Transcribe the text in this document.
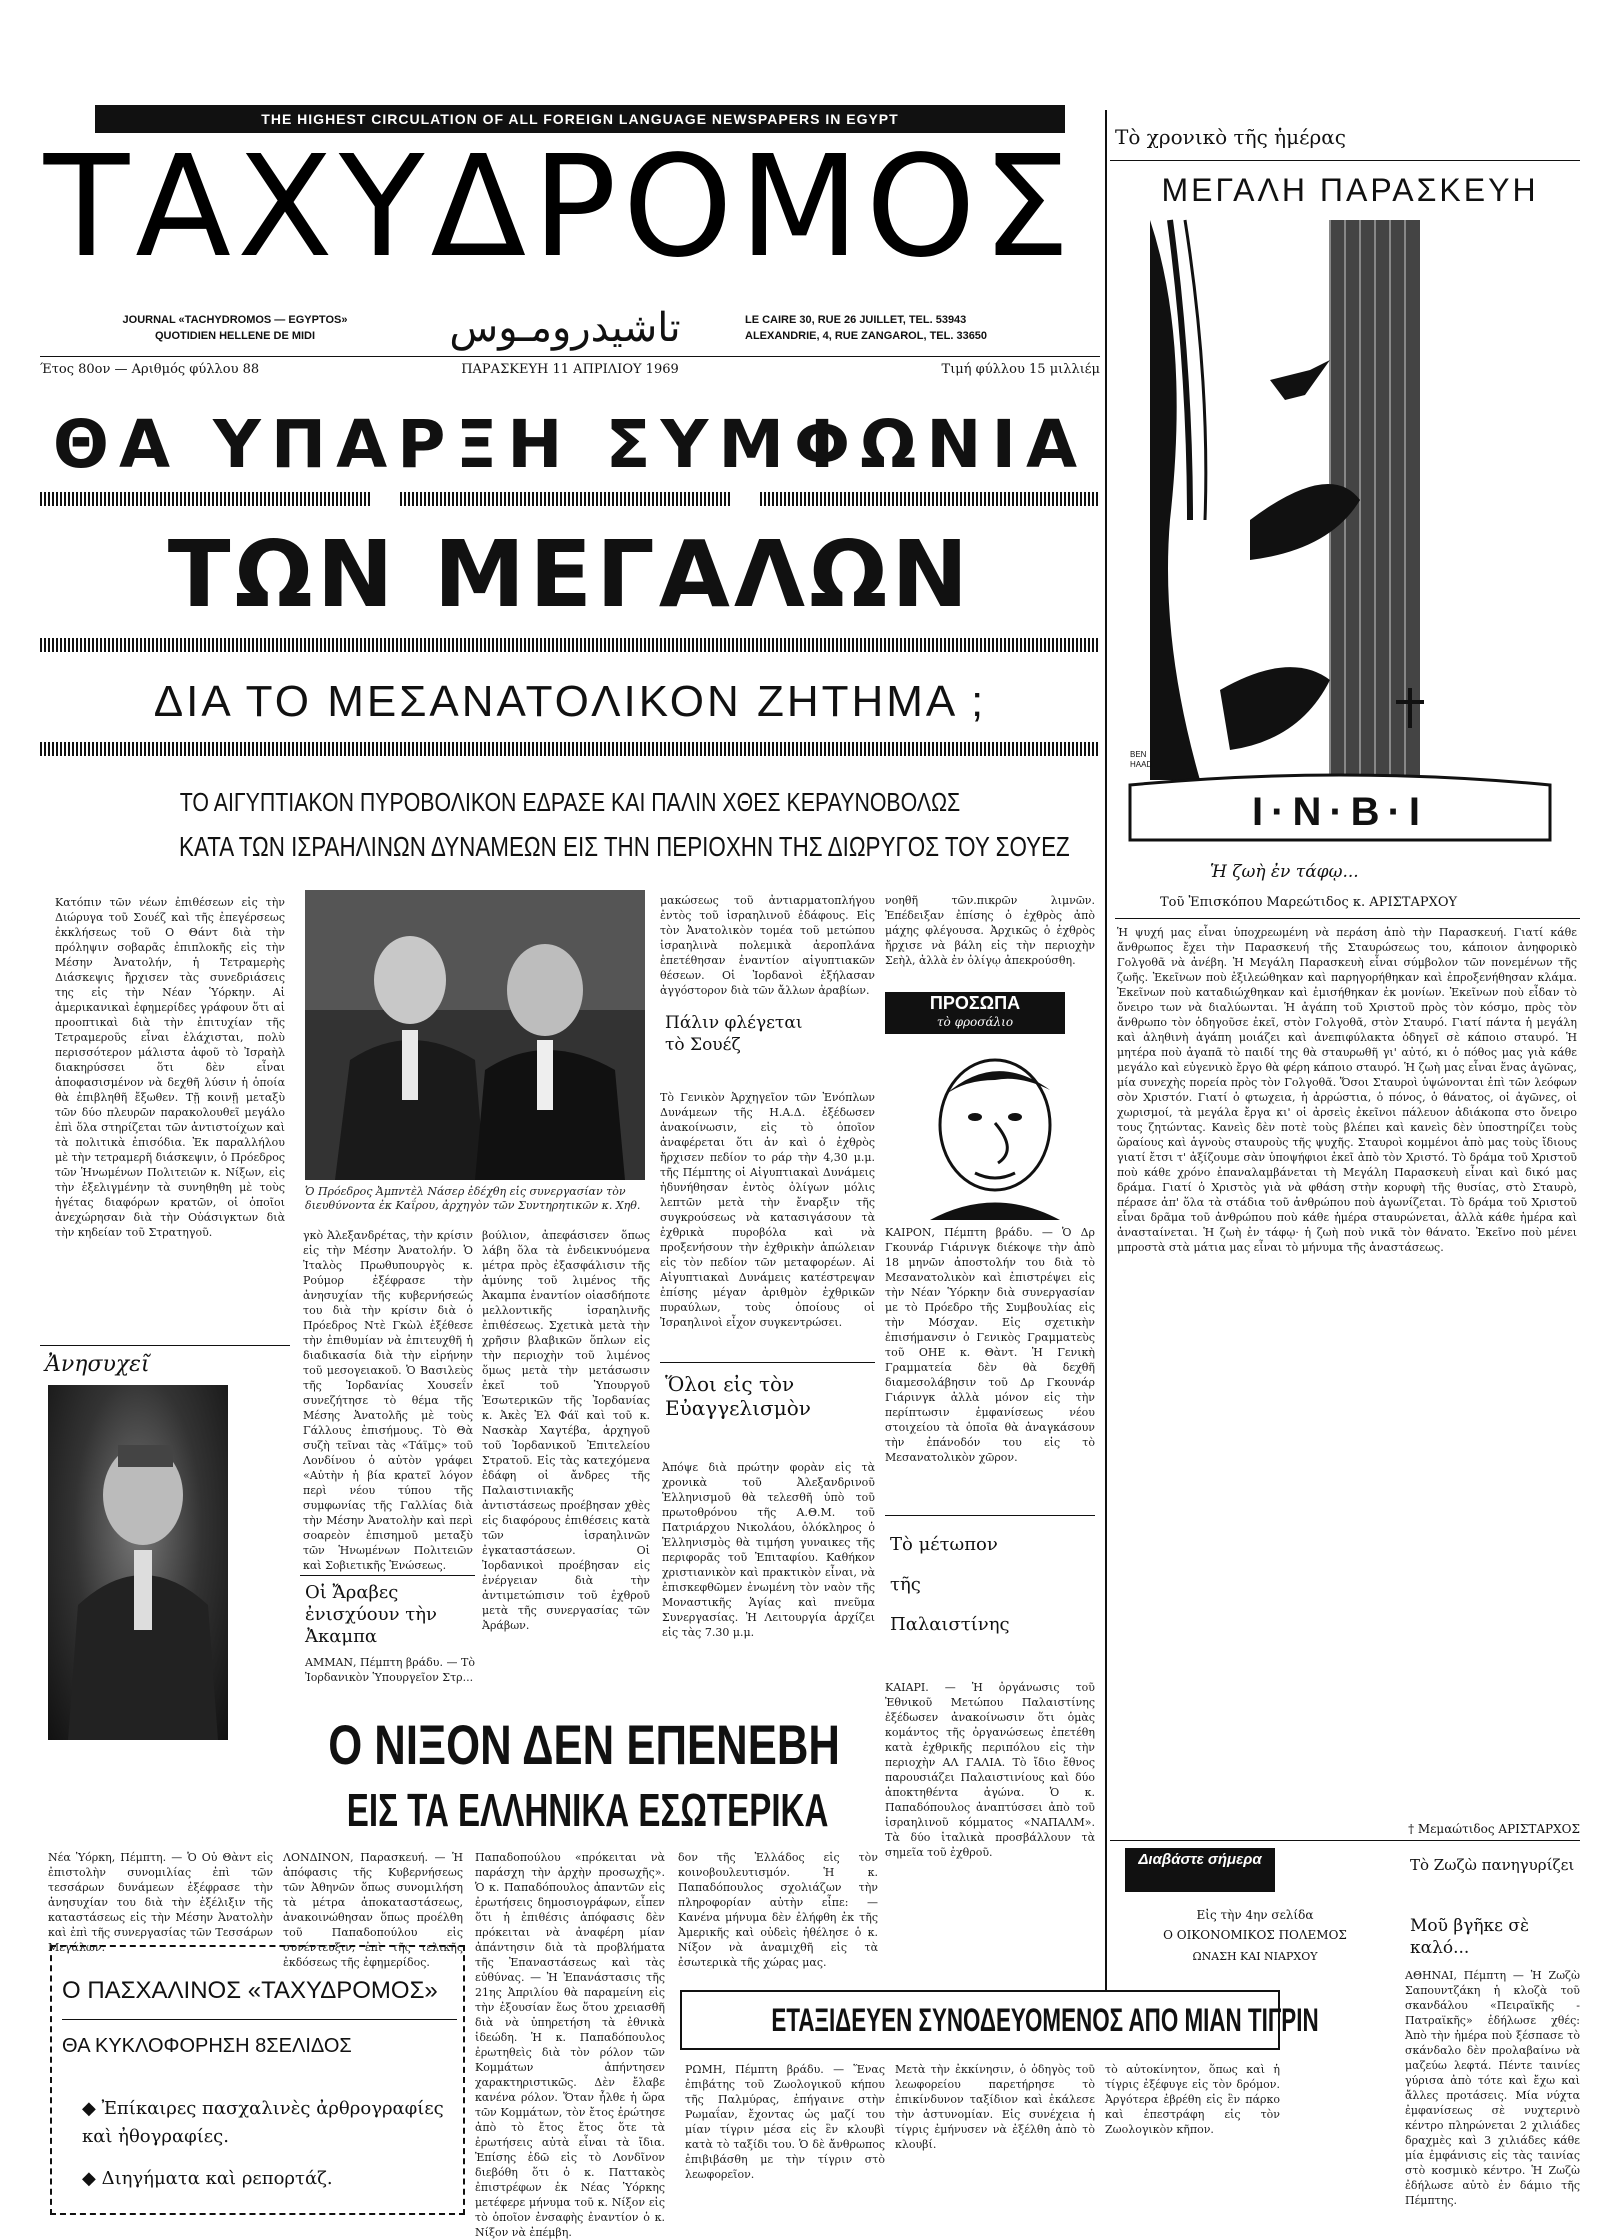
THE HIGHEST CIRCULATION OF ALL FOREIGN LANGUAGE NEWSPAPERS IN EGYPT
ΤΑΧΥΔΡΟΜΟΣ
JOURNAL «TACHYDROMOS — EGYPTOS»
QUOTIDIEN HELLENE DE MIDI	تاشيدرومـوس	LE CAIRE 30, RUE 26 JUILLET, TEL. 53943
ALEXANDRIE, 4, RUE ZANGAROL, TEL. 33650
Έτος 80ον — Αριθμός φύλλου 88	ΠΑΡΑΣΚΕΥΗ 11 ΑΠΡΙΛΙΟΥ 1969	Τιμή φύλλου 15 μιλλιέμ
ΘΑ ΥΠΑΡΞΗ ΣΥΜΦΩΝΙΑ
ΤΩΝ ΜΕΓΑΛΩΝ
ΔΙΑ ΤΟ ΜΕΣΑΝΑΤΟΛΙΚΟΝ ΖΗΤΗΜΑ ;
ΤΟ ΑΙΓΥΠΤΙΑΚΟΝ ΠΥΡΟΒΟΛΙΚΟΝ ΕΔΡΑΣΕ ΚΑΙ ΠΑΛΙΝ ΧΘΕΣ ΚΕΡΑΥΝΟΒΟΛΩΣ
ΚΑΤΑ ΤΩΝ ΙΣΡΑΗΛΙΝΩΝ ΔΥΝΑΜΕΩΝ ΕΙΣ ΤΗΝ ΠΕΡΙΟΧΗΝ ΤΗΣ ΔΙΩΡΥΓΟΣ ΤΟΥ ΣΟΥΕΖ
Κατόπιν τῶν νέων ἐπιθέσεων εἰς τὴν Διώρυγα τοῦ Σουέζ καὶ τῆς ἐπεγέρσεως ἐκκλήσεως τοῦ Ο Θάντ διὰ τὴν πρόληψιν σοβαρᾶς ἐπιπλοκῆς εἰς τὴν Μέσην Ἀνατολήν, ἡ Τετραμερὴς Διάσκεψις ἤρχισεν τὰς συνεδριάσεις της εἰς τὴν Νέαν Ὑόρκην. Αἱ ἀμερικανικαὶ ἐφημερίδες γράφουν ὅτι αἱ προοπτικαὶ διὰ τὴν ἐπιτυχίαν τῆς Τετραμεροῦς εἶναι ἐλάχισται, πολὺ περισσότερον μάλιστα ἀφοῦ τὸ Ἰσραὴλ διακηρύσσει ὅτι δὲν εἶναι ἀποφασισμένον νὰ δεχθῆ λύσιν ἡ ὁποία θὰ ἐπιβληθῆ ἔξωθεν. Τῇ κοινῇ μεταξὺ τῶν δύο πλευρῶν παρακολουθεῖ μεγάλο ἐπὶ ὅλα στηρίζεται τῶν ἀντιστοίχων καὶ τὰ πολιτικὰ ἐπισόδια. Ἐκ παραλλήλου μὲ τὴν τετραμερῆ διάσκεψιν, ὁ Πρόεδρος τῶν Ἡνωμένων Πολιτειῶν κ. Νίξων, εἰς τὴν ἐξελιγμένην τὰ συνηθηθη μὲ τοὺς ἡγέτας διαφόρων κρατῶν, οἱ ὁποῖοι ἀνεχώρησαν διὰ τὴν Οὐάσιγκτων διὰ τὴν κηδείαν τοῦ Στρατηγοῦ.
Ἀνησυχεῖ
Ὁ Πρόεδρος Ἀμπντὲλ Νάσερ ἐδέχθη εἰς συνεργασίαν τὸν διευθύνοντα ἐκ Καΐρου, ἀρχηγὸν τῶν Συντηρητικῶν κ. Χηθ.
γκὸ Ἀλεξανδρέτας, τὴν κρίσιν εἰς τὴν Μέσην Ἀνατολήν. Ὁ Ἰταλὸς Πρωθυπουργὸς κ. Ρούμορ ἐξέφρασε τὴν ἀνησυχίαν τῆς κυβερνήσεώς του διὰ τὴν κρίσιν διὰ ὁ Πρόεδρος Ντὲ Γκὼλ ἐξέθεσε τὴν ἐπιθυμίαν νὰ ἐπιτευχθῆ ἡ διαδικασία διὰ τὴν εἰρήνην τοῦ μεσογειακοῦ. Ὁ Βασιλεὺς τῆς Ἰορδανίας Χουσεΐν συνεζήτησε τὸ θέμα τῆς Μέσης Ἀνατολῆς μὲ τοὺς Γάλλους ἐπισήμους. Τὸ Θὰ συζὴ τεῖναι τὰς «Τάϊμς» τοῦ Λονδίνου ὁ αὐτὸν γράφει «Αὐτὴν ἡ βία κρατεῖ λόγον περὶ νέου τύπου τῆς συμφωνίας τῆς Γαλλίας διὰ τὴν Μέσην Ἀνατολὴν καὶ περὶ σοαρεὸν ἐπισημοῦ μεταξὺ τῶν Ἡνωμένων Πολιτειῶν καὶ Σοβιετικῆς Ἑνώσεως.
Οἱ Ἄραβες ἐνισχύουν τὴν Ἀκαμπα
ΑΜΜΑΝ, Πέμπτη βράδυ. — Τὸ Ἰορδανικὸν Ὑπουργεῖον Στρ...
βούλιον, ἀπεφάσισεν ὅπως λάβη ὅλα τὰ ἐνδεικνυόμενα μέτρα πρὸς ἐξασφάλισιν τῆς ἀμύνης τοῦ λιμένος τῆς Ἀκαμπα ἐναντίον οἱασδήποτε μελλοντικῆς ἰσραηλινῆς ἐπιθέσεως. Σχετικὰ μετὰ τὴν χρῆσιν βλαβικῶν ὅπλων εἰς τὴν περιοχὴν τοῦ λιμένος ὅμως μετὰ τὴν μετάσωσιν ἐκεῖ τοῦ Ὑπουργοῦ Ἐσωτερικῶν τῆς Ἰορδανίας κ. Ἀκὲς Ἐλ Φάϊ καὶ τοῦ κ. Νασκὰρ Χαγτέβα, ἀρχηγοῦ τοῦ Ἰορδανικοῦ Ἐπιτελείου Στρατοῦ. Εἰς τὰς κατεχόμενα ἐδάφη οἱ ἄνδρες τῆς Παλαιστινιακῆς ἀντιστάσεως προέβησαν χθὲς εἰς διαφόρους ἐπιθέσεις κατὰ τῶν ἰσραηλινῶν ἐγκαταστάσεων. Οἱ Ἰορδανικοὶ προέβησαν εἰς ἐνέργειαν διὰ τὴν ἀντιμετώπισιν τοῦ ἐχθροῦ μετὰ τῆς συνεργασίας τῶν Ἀράβων.
μακώσεως τοῦ ἀντιαρματοπλήγου ἐντὸς τοῦ ἰσραηλινοῦ ἐδάφους. Εἰς τὸν Ἀνατολικὸν τομέα τοῦ μετώπου ἰσραηλινὰ πολεμικὰ ἀεροπλάνα ἐπετέθησαν ἐναντίον αἰγυπτιακῶν θέσεων. Οἱ Ἰορδανοὶ ἐξήλασαν ἀγγόστορον διὰ τῶν ἄλλων ἀραβίων.
Πάλιν φλέγεται τὸ Σουέζ
Τὸ Γενικὸν Ἀρχηγεῖον τῶν Ἐνόπλων Δυνάμεων τῆς Η.Α.Δ. ἐξέδωσεν ἀνακοίνωσιν, εἰς τὸ ὁποῖον ἀναφέρεται ὅτι ἀν καὶ ὁ ἐχθρὸς ἤρχισεν πεδίον το ράρ τὴν 4,30 μ.μ. τῆς Πέμπτης οἱ Αἰγυπτιακαὶ Δυνάμεις ἠδυνήθησαν ἐντὸς ὀλίγων μόλις λεπτῶν μετὰ τὴν ἔναρξιν τῆς συγκρούσεως νὰ κατασιγάσουν τὰ ἐχθρικὰ πυροβόλα καὶ νὰ προξενήσουν τὴν ἐχθρικὴν ἀπώλειαν εἰς τὸν πεδίον τῶν μεταφορέων. Αἱ Αἰγυπτιακαὶ Δυνάμεις κατέστρεψαν ἐπίσης μέγαν ἀριθμὸν ἐχθρικῶν πυραύλων, τοὺς ὁποίους οἱ Ἰσραηλινοὶ εἶχον συγκεντρώσει.
Ὅλοι εἰς τὸν Εὐαγγελισμὸν
Ἀπόψε διὰ πρώτην φορὰν εἰς τὰ χρονικὰ τοῦ Ἀλεξανδρινοῦ Ἑλληνισμοῦ θὰ τελεσθῆ ὑπὸ τοῦ πρωτοθρόνου τῆς Α.Θ.Μ. τοῦ Πατριάρχου Νικολάου, ὁλόκληρος ὁ Ἑλληνισμὸς θὰ τιμήση γυναικες τῆς περιφορᾶς τοῦ Ἐπιταφίου. Καθήκον χριστιανικὸν καὶ πρακτικὸν εἶναι, νὰ ἐπισκεφθῶμεν ἐνωμένη τὸν ναὸν τῆς Μοναστικῆς Ἁγίας καὶ πνεῦμα Συνεργασίας. Ἡ Λειτουργία ἀρχίζει εἰς τὰς 7.30 μ.μ.
νοηθῆ τῶν.πικρῶν λιμνῶν. Ἐπέδειξαν ἐπίσης ὁ ἐχθρὸς ἀπὸ μάχης φλέγουσα. Ἀρχικῶς ὁ ἐχθρὸς ἤρχισε νὰ βάλη εἰς τὴν περιοχὴν Σεὴλ, ἀλλὰ ἐν ὀλίγῳ ἀπεκρούσθη.
ΠΡΟΣΩΠΑ
τὸ φροσάλιο
ΚΑΙΡΟΝ, Πέμπτη βράδυ. — Ὁ Δρ Γκουνάρ Γιάρινγκ διέκοψε τὴν ἀπὸ 18 μηνῶν ἀποστολήν του διὰ τὸ Μεσανατολικὸν καὶ ἐπιστρέψει εἰς τὴν Νέαν Ὑόρκην διὰ συνεργασίαν με τὸ Πρόεδρο τῆς Συμβουλίας εἰς τὴν Μόσχαν. Εἰς σχετικὴν ἐπισήμανσιν ὁ Γενικὸς Γραμματεὺς τοῦ ΟΗΕ κ. Θὰντ. Ἡ Γενικὴ Γραμματεία δὲν θὰ δεχθῆ διαμεσολάβησιν τοῦ Δρ Γκουνάρ Γιάρινγκ ἀλλὰ μόνον εἰς τὴν περίπτωσιν ἐμφανίσεως νέου στοιχείου τὰ ὁποῖα θὰ ἀναγκάσουν τὴν ἐπάνοδόν του εἰς τὸ Μεσανατολικὸν χῶρον.
Τὸ μέτωπον τῆς Παλαιστίνης
ΚΑΙΑΡΙ. — Ἡ ὀργάνωσις τοῦ Ἐθνικοῦ Μετώπου Παλαιστίνης ἐξέδωσεν ἀνακοίνωσιν ὅτι ὁμὰς κομάντος τῆς ὀργανώσεως ἐπετέθη κατὰ ἐχθρικῆς περιπόλου εἰς τὴν περιοχὴν ΑΛ ΓΑΛΙΑ. Τὸ ἴδιο ἔθνος παρουσιάζει Παλαιστινίους καὶ δύο ἀποκτηθέντα ἀγώνα. Ὁ κ. Παπαδόπουλος ἀναπτύσσει ἀπὸ τοῦ ἰσραηλινοῦ κόμματος «ΝΑΠΑΛΜ». Τὰ δύο ἰταλικὰ προσβάλλουν τὰ σημεῖα τοῦ ἐχθροῦ.
Ο ΝΙΞΟΝ ΔΕΝ ΕΠΕΝΕΒΗ
ΕΙΣ ΤΑ ΕΛΛΗΝΙΚΑ ΕΣΩΤΕΡΙΚΑ
Νέα Ὑόρκη, Πέμπτη. — Ὁ Οὐ Θὰντ εἰς ἐπιστολὴν συνομιλίας ἐπὶ τῶν τεσσάρων δυνάμεων ἐξέφρασε τὴν ἀνησυχίαν του διὰ τὴν ἐξέλιξιν τῆς καταστάσεως εἰς τὴν Μέσην Ἀνατολὴν καὶ ἐπὶ τῆς συνεργασίας τῶν Τεσσάρων Μεγάλων.
ΛΟΝΔΙΝΟΝ, Παρασκευή. — Ἡ ἀπόφασις τῆς Κυβερνήσεως τῶν Ἀθηνῶν ὅπως συνομιλήση τὰ μέτρα ἀποκαταστάσεως, ἀνακοινώθησαν ὅπως προέλθη τοῦ Παπαδοπούλου εἰς συνέντευξιν, ἐπὶ τῆς τελικῆς ἐκδόσεως τῆς ἐφημερίδος.
Παπαδοπούλου «πρόκειται νὰ παράσχη τὴν ἀρχὴν προσωχῆς». Ὁ κ. Παπαδόπουλος ἀπαντῶν εἰς ἐρωτήσεις δημοσιογράφων, εἶπεν ὅτι ἡ ἐπιθέσις ἀπόφασις δὲν πρόκειται νὰ ἀναφέρη μίαν ἀπάντησιν διὰ τὰ προβλήματα τῆς Ἐπαναστάσεως καὶ τὰς εὐθύνας. — Ἡ Ἐπανάστασις τῆς 21ης Ἀπριλίου θὰ παραμείνη εἰς τὴν ἐξουσίαν ἕως ὅτου χρειασθῆ διὰ νὰ ὑπηρετήση τὰ ἐθνικὰ ἰδεώδη. Ἡ κ. Παπαδόπουλος ἐρωτηθεὶς διὰ τὸν ρόλον τῶν Κομμάτων ἀπήντησεν χαρακτηριστικῶς. Δὲν ἔλαβε κανένα ρόλον. Ὅταν ἦλθε ἡ ὥρα τῶν Κομμάτων, τὸν ἔτος ἐρώτησε ἀπὸ τὸ ἔτος ἔτος ὅτε τὰ ἐρωτήσεις αὐτὰ εἶναι τὰ ἴδια. Ἐπίσης ἐδῶ εἰς τὸ Λονδῖνον διεβόθη ὅτι ὁ κ. Παττακὸς ἐπιστρέφων ἐκ Νέας Ὑόρκης μετέφερε μήνυμα τοῦ κ. Νίξον εἰς τὸ ὁποῖον ἐνσαφὴς ἐναντίον ὁ κ. Νίξον νὰ ἐπέμβη.
δον τῆς Ἑλλάδος εἰς τὸν κοινοβουλευτισμόν. Ἡ κ. Παπαδόπουλος σχολιάζων τὴν πληροφορίαν αὐτὴν εἶπε: — Κανένα μήνυμα δὲν ἐλήφθη ἐκ τῆς Ἀμερικῆς καὶ οὐδεὶς ἠθέλησε ὁ κ. Νίξον νὰ ἀναμιχθῆ εἰς τὰ ἐσωτερικὰ τῆς χώρας μας.
Ο ΠΑΣΧΑΛΙΝΟΣ «ΤΑΧΥΔΡΟΜΟΣ»
ΘΑ ΚΥΚΛΟΦΟΡΗΣΗ 8ΣΕΛΙΔΟΣ
◆ Ἐπίκαιρες πασχαλινὲς ἀρθρογραφίες καὶ ἠθογραφίες.
◆ Διηγήματα καὶ ρεπορτάζ.
ΕΤΑΞΙΔΕΥΕΝ ΣΥΝΟΔΕΥΟΜΕΝΟΣ ΑΠΟ ΜΙΑΝ ΤΙΓΡΙΝ
ΡΩΜΗ, Πέμπτη βράδυ. — Ἕνας ἐπιβάτης τοῦ Ζωολογικοῦ κήπου τῆς Παλμύρας, ἐπήγαινε στὴν Ρωμαΐαν, ἔχοντας ὡς μαζί του μίαν τίγριν μέσα εἰς ἓν κλουβὶ κατὰ τὸ ταξίδι του. Ὁ δὲ ἄνθρωπος ἐπιβιβάσθη με τὴν τίγριν στὸ λεωφορεῖον.
Μετὰ τὴν ἐκκίνησιν, ὁ ὁδηγὸς τοῦ λεωφορείου παρετήρησε τὸ ἐπικίνδυνον ταξίδιον καὶ ἐκάλεσε τὴν ἀστυνομίαν. Εἰς συνέχεια ἡ τίγρις ἐμήνυσεν νὰ ἐξέλθη ἀπὸ τὸ κλουβί.
τὸ αὐτοκίνητον, ὅπως καὶ ἡ τίγρις ἐξέφυγε εἰς τὸν δρόμον. Ἀργότερα ἐβρέθη εἰς ἓν πάρκο καὶ ἐπεστράφη εἰς τὸν Ζωολογικὸν κῆπον.
Τὸ χρονικὸ τῆς ἡμέρας
ΜΕΓΑΛΗ ΠΑΡΑΣΚΕΥΗ
I·N·B·I
BEN HAAD
Ἡ ζωὴ ἐν τάφῳ...
Τοῦ Ἐπισκόπου Μαρεώτιδος κ. ΑΡΙΣΤΑΡΧΟΥ
Ἡ ψυχή μας εἶναι ὑποχρεωμένη νὰ περάση ἀπὸ τὴν Παρασκευή. Γιατί κάθε ἄνθρωπος ἔχει τὴν Παρασκευή τῆς Σταυρώσεως του, κάποιον ἀνηφορικὸ Γολγοθᾶ νὰ ἀνέβη. Ἡ Μεγάλη Παρασκευὴ εἶναι σύμβολον τῶν πονεμένων τῆς ζωῆς. Ἐκεῖνων ποὺ ἐξιλεώθηκαν καὶ παρηγορήθηκαν καὶ ἐπροξενήθησαν κλάμα. Ἐκεῖνων ποὺ καταδιώχθηκαν καὶ ἐμισήθηκαν ἐκ μονίων. Ἐκεῖνων ποὺ εἶδαν τὸ ὄνειρο των νὰ διαλύωνται. Ἡ ἀγάπη τοῦ Χριστοῦ πρὸς τὸν κόσμο, πρὸς τὸν ἄνθρωπο τὸν ὁδηγοῦσε ἐκεῖ, στὸν Γολγοθᾶ, στὸν Σταυρό. Γιατί πάντα ἡ μεγάλη καὶ ἀληθινὴ ἀγάπη μοιάζει καὶ ἀνεπιφύλακτα ὁδηγεῖ σὲ κάποιο σταυρό. Ἡ μητέρα ποὺ ἀγαπᾶ τὸ παιδί της θὰ σταυρωθῆ γι' αὐτό, κι ὁ πόθος μας γιὰ κάθε μεγάλο καὶ εὐγενικὸ ἔργο θὰ φέρη κάποιο σταυρό. Ἡ ζωὴ μας εἶναι ἕνας ἀγῶνας, μία συνεχὴς πορεία πρὸς τὸν Γολγοθᾶ. Ὅσοι Σταυροὶ ὑψώνονται ἐπὶ τῶν λεόφων σὸν Χριστόν. Γιατί ὁ φτωχεια, ἡ ἀρρώστια, ὁ πόνος, ὁ θάνατος, οἱ ἀγῶνες, οἱ χωρισμοί, τὰ μεγάλα ἔργα κι' οἱ ἀρσεὶς ἐκεῖνοι πάλευον ἀδιάκοπα στο ὄνειρο τους ζητώντας. Κανεὶς δὲν ποτὲ τοὺς βλέπει καὶ κανεὶς δὲν ὑποστηρίζει τοὺς ὥραίους καὶ ἁγνοὺς σταυροὺς τῆς ψυχῆς. Σταυροὶ κομμένοι ἀπὸ μας τοὺς ἴδιους γιατί ἔτσι τ' ἀξίζουμε σὰν ὑποψήφιοι ἐκεῖ ἀπὸ τὸν Χριστό. Τὸ δράμα τοῦ Χριστοῦ ποὺ κάθε χρόνο ἐπαναλαμβάνεται τὴ Μεγάλη Παρασκευὴ εἶναι καὶ δικό μας δράμα. Γιατί ὁ Χριστὸς γιὰ νὰ φθάση στὴν κορυφὴ τῆς θυσίας, στὸ Σταυρὸ, πέρασε ἀπ' ὅλα τὰ στάδια τοῦ ἀνθρώπου ποὺ ἀγωνίζεται. Τὸ δράμα τοῦ Χριστοῦ εἶναι δρᾶμα τοῦ ἀνθρώπου ποὺ κάθε ἡμέρα σταυρώνεται, ἀλλὰ κάθε ἡμέρα καὶ ἀνασταίνεται. Ἡ ζωὴ ἐν τάφῳ· ἡ ζωὴ ποὺ νικᾶ τὸν θάνατο. Ἐκεῖνο ποὺ μένει μπροστὰ στὰ μάτια μας εἶναι τὸ μήνυμα τῆς ἀναστάσεως.
† Μεμαώτιδος ΑΡΙΣΤΑΡΧΟΣ
Διαβάστε σήμερα
Εἰς τὴν 4ην σελίδα
Ο ΟΙΚΟΝΟΜΙΚΟΣ ΠΟΛΕΜΟΣ
ΩΝΑΣΗ ΚΑΙ ΝΙΑΡΧΟΥ
Τὸ Ζωζὼ πανηγυρίζει
Μοῦ βγῆκε σὲ καλό...
ΑΘΗΝΑΙ, Πέμπτη — Ἡ Ζωζὼ Σαπουντζάκη ἡ κλοζὰ τοῦ σκανδάλου «Πειραϊκῆς - Πατραϊκῆς» ἐδήλωσε χθές: Ἀπὸ τὴν ἡμέρα ποὺ ξέσπασε τὸ σκάνδαλο δὲν προλαβαίνω νὰ μαζεύω λεφτά. Πέντε ταινίες γύρισα ἀπὸ τότε καὶ ἔχω καὶ ἄλλες προτάσεις. Μία νύχτα ἐμφανίσεως σὲ νυχτερινὸ κέντρο πληρώνεται 2 χιλιάδες δραχμὲς καὶ 3 χιλιάδες κάθε μία ἐμφάνισις εἰς τὰς ταινίας στὸ κοσμικὸ κέντρο. Ἡ Ζωζὼ ἐδήλωσε αὐτὸ ἐν δάμιο τῆς Πέμπτης.
